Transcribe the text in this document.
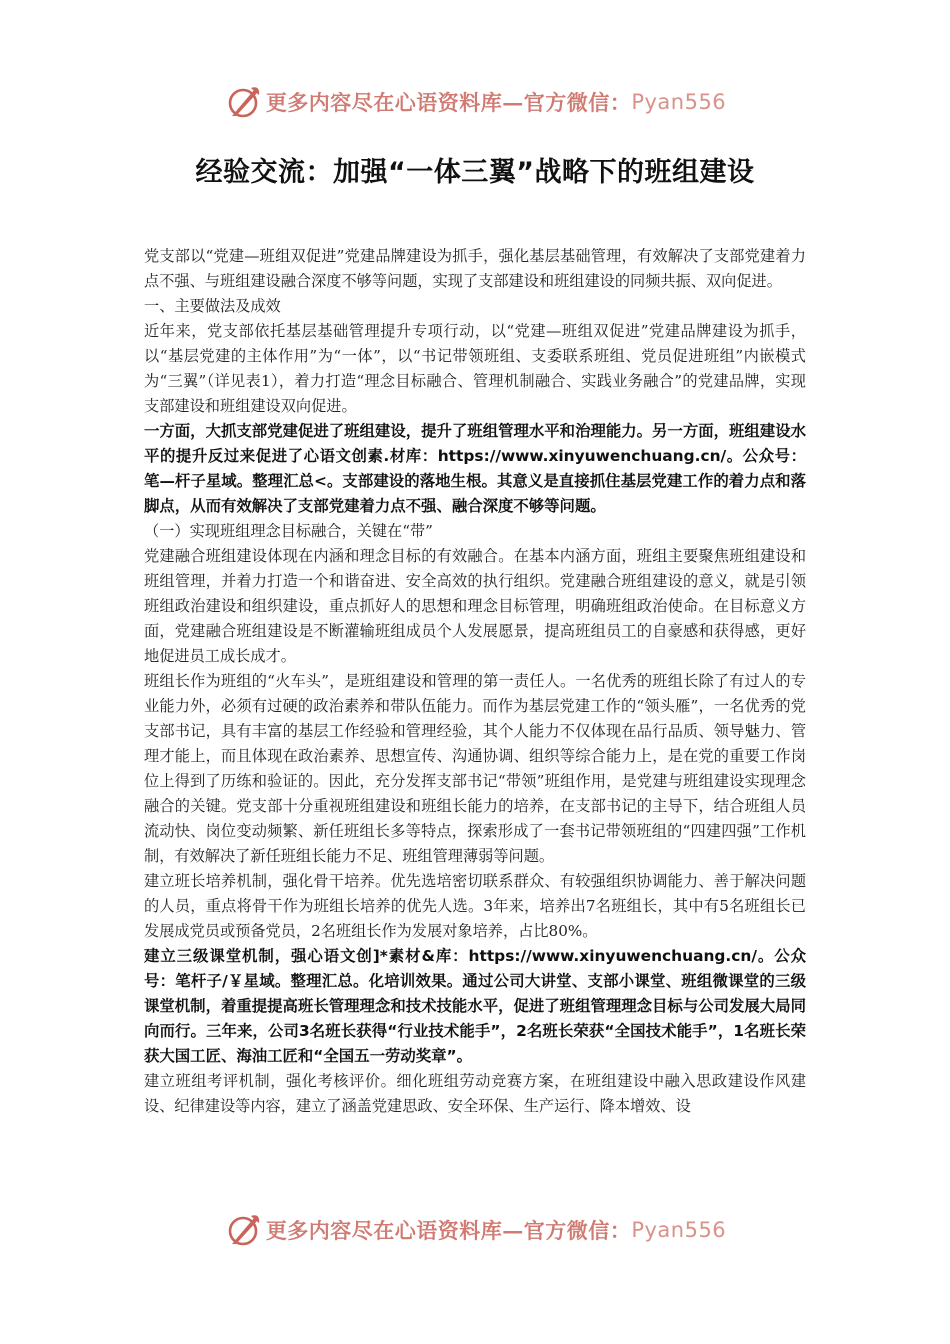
更多内容尽在心语资料库—官方微信： Pyan556
经验交流：加强“一体三翼”战略下的班组建设

党支部以“党建—班组双促进”党建品牌建设为抓手，强化基层基础管理，有效解决了支部党建着力点不强、与班组建设融合深度不够等问题，实现了支部建设和班组建设的同频共振、双向促进。

一、主要做法及成效

近年来，党支部依托基层基础管理提升专项行动，以“党建—班组双促进”党建品牌建设为抓手，以“基层党建的主体作用”为“一体”，以“书记带领班组、支委联系班组、党员促进班组”内嵌模式为“三翼”（详见表1），着力打造“理念目标融合、管理机制融合、实践业务融合”的党建品牌，实现支部建设和班组建设双向促进。

一方面，大抓支部党建促进了班组建设，提升了班组管理水平和治理能力。另一方面，班组建设水平的提升反过来促进了心语文创素.材库：https://www.xinyuwenchuang.cn/。公众号：笔—杆子星域。整理汇总<。支部建设的落地生根。其意义是直接抓住基层党建工作的着力点和落脚点，从而有效解决了支部党建着力点不强、融合深度不够等问题。

（一）实现班组理念目标融合，关键在“带”

党建融合班组建设体现在内涵和理念目标的有效融合。在基本内涵方面，班组主要聚焦班组建设和班组管理，并着力打造一个和谐奋进、安全高效的执行组织。党建融合班组建设的意义，就是引领班组政治建设和组织建设，重点抓好人的思想和理念目标管理，明确班组政治使命。在目标意义方面，党建融合班组建设是不断灌输班组成员个人发展愿景，提高班组员工的自豪感和获得感，更好地促进员工成长成才。

班组长作为班组的“火车头”，是班组建设和管理的第一责任人。一名优秀的班组长除了有过人的专业能力外，必须有过硬的政治素养和带队伍能力。而作为基层党建工作的“领头雁”，一名优秀的党支部书记，具有丰富的基层工作经验和管理经验，其个人能力不仅体现在品行品质、领导魅力、管理才能上，而且体现在政治素养、思想宣传、沟通协调、组织等综合能力上，是在党的重要工作岗位上得到了历练和验证的。因此，充分发挥支部书记“带领”班组作用，是党建与班组建设实现理念融合的关键。党支部十分重视班组建设和班组长能力的培养，在支部书记的主导下，结合班组人员流动快、岗位变动频繁、新任班组长多等特点，探索形成了一套书记带领班组的“四建四强”工作机制，有效解决了新任班组长能力不足、班组管理薄弱等问题。

建立班长培养机制，强化骨干培养。优先选培密切联系群众、有较强组织协调能力、善于解决问题的人员，重点将骨干作为班组长培养的优先人选。3年来，培养出7名班组长，其中有5名班组长已发展成党员或预备党员，2名班组长作为发展对象培养，占比80%。

建立三级课堂机制，强心语文创]*素材&库：https://www.xinyuwenchuang.cn/。公众号：笔杆子/￥星域。整理汇总。化培训效果。通过公司大讲堂、支部小课堂、班组微课堂的三级课堂机制，着重提提高班长管理理念和技术技能水平，促进了班组管理理念目标与公司发展大局同向而行。三年来，公司3名班长获得“行业技术能手”，2名班长荣获“全国技术能手”，1名班长荣获大国工匠、海油工匠和“全国五一劳动奖章”。

建立班组考评机制，强化考核评价。细化班组劳动竞赛方案，在班组建设中融入思政建设作风建设、纪律建设等内容，建立了涵盖党建思政、安全环保、生产运行、降本增效、设

更多内容尽在心语资料库—官方微信： Pyan556
